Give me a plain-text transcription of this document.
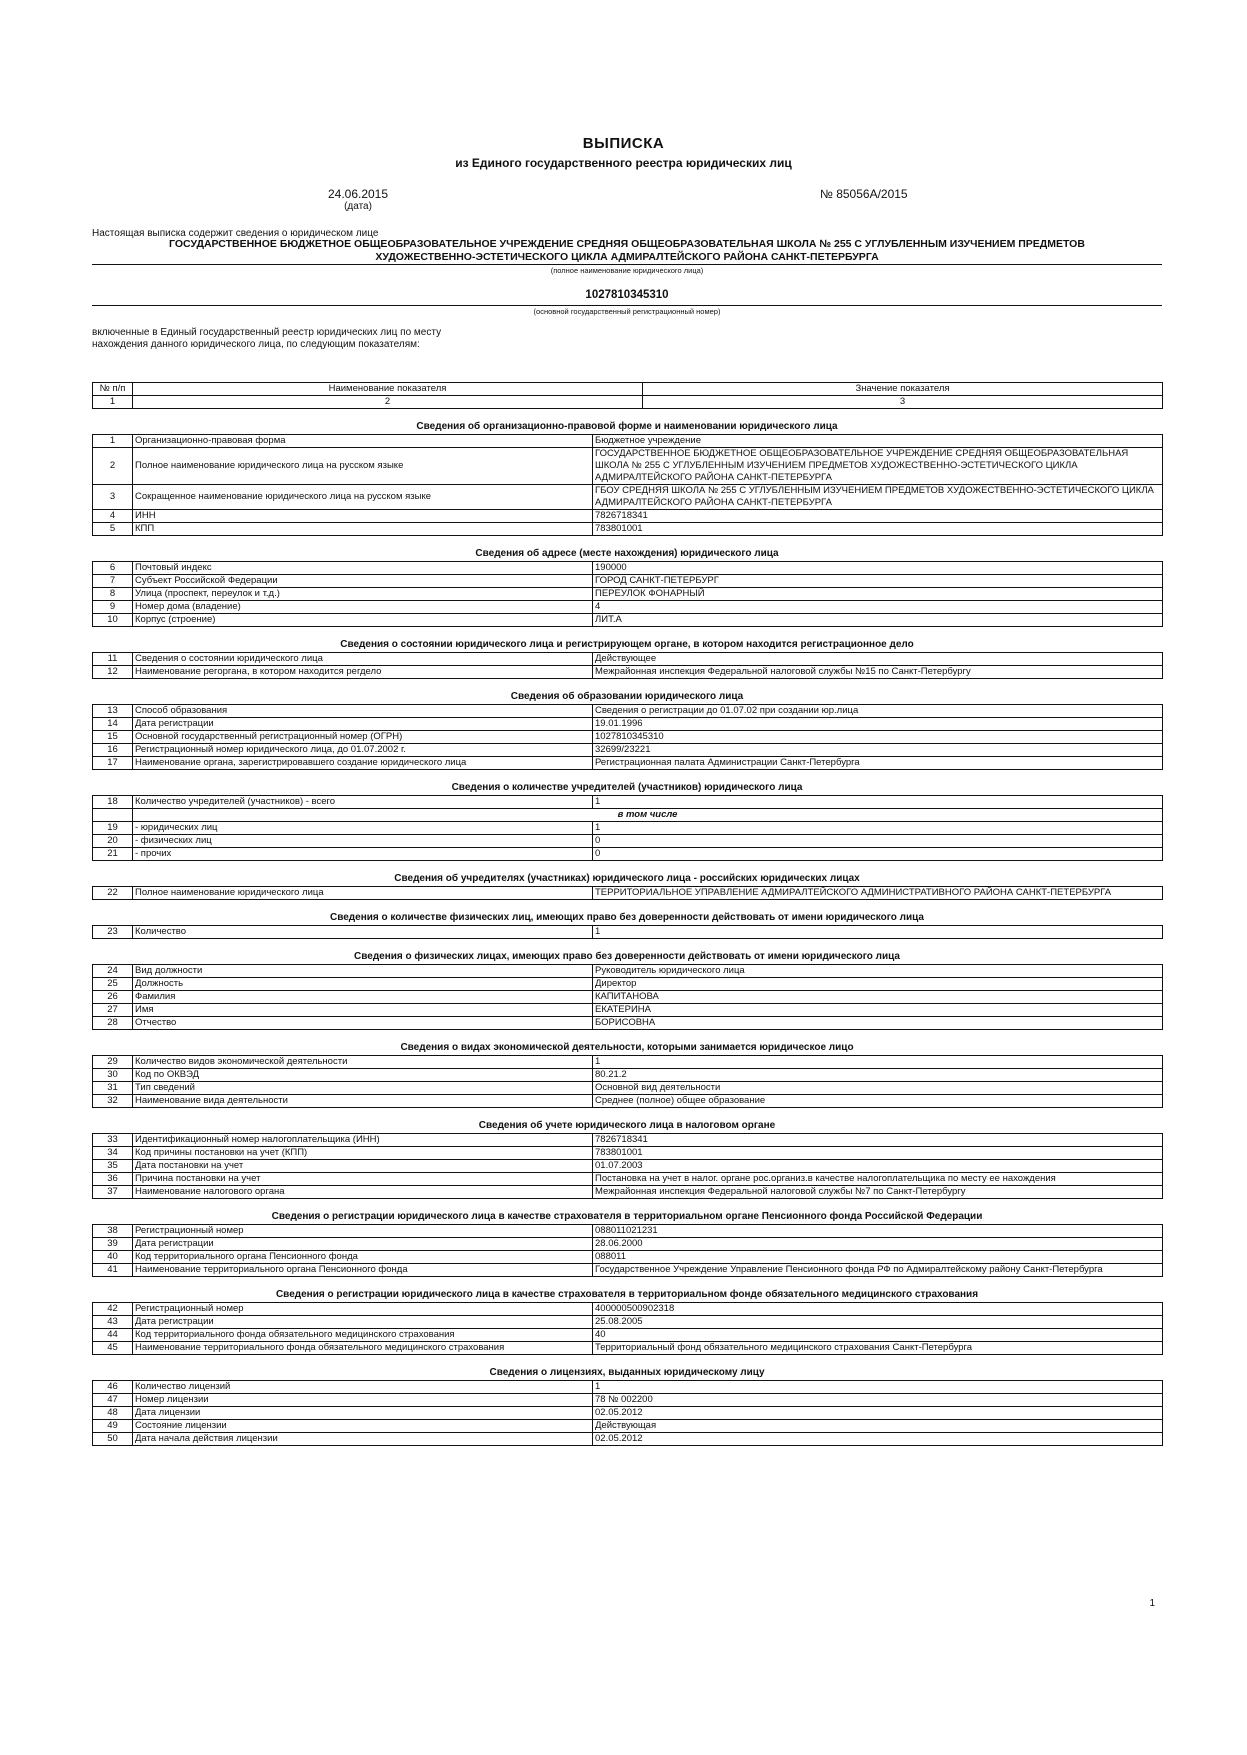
ВЫПИСКА
из Единого государственного реестра юридических лиц
24.06.2015
(дата)
№ 85056А/2015
Настоящая выписка содержит сведения о юридическом лице
ГОСУДАРСТВЕННОЕ БЮДЖЕТНОЕ ОБЩЕОБРАЗОВАТЕЛЬНОЕ УЧРЕЖДЕНИЕ СРЕДНЯЯ ОБЩЕОБРАЗОВАТЕЛЬНАЯ ШКОЛА № 255 С УГЛУБЛЕННЫМ ИЗУЧЕНИЕМ ПРЕДМЕТОВ
ХУДОЖЕСТВЕННО-ЭСТЕТИЧЕСКОГО ЦИКЛА АДМИРАЛТЕЙСКОГО РАЙОНА САНКТ-ПЕТЕРБУРГА
(полное наименование юридического лица)
1027810345310
(основной государственный регистрационный номер)
включенные в Единый государственный реестр юридических лиц по месту
нахождения данного юридического лица, по следующим показателям:
№ п/п	Наименование показателя	Значение показателя
1	2	3
Сведения об организационно-правовой форме и наименовании юридического лица
1	Организационно-правовая форма	Бюджетное учреждение
2	Полное наименование юридического лица на русском языке	ГОСУДАРСТВЕННОЕ БЮДЖЕТНОЕ ОБЩЕОБРАЗОВАТЕЛЬНОЕ УЧРЕЖДЕНИЕ СРЕДНЯЯ ОБЩЕОБРАЗОВАТЕЛЬНАЯ ШКОЛА № 255 С УГЛУБЛЕННЫМ ИЗУЧЕНИЕМ ПРЕДМЕТОВ ХУДОЖЕСТВЕННО-ЭСТЕТИЧЕСКОГО ЦИКЛА АДМИРАЛТЕЙСКОГО РАЙОНА САНКТ-ПЕТЕРБУРГА
3	Сокращенное наименование юридического лица на русском языке	ГБОУ СРЕДНЯЯ ШКОЛА № 255 С УГЛУБЛЕННЫМ ИЗУЧЕНИЕМ ПРЕДМЕТОВ ХУДОЖЕСТВЕННО-ЭСТЕТИЧЕСКОГО ЦИКЛА АДМИРАЛТЕЙСКОГО РАЙОНА САНКТ-ПЕТЕРБУРГА
4	ИНН	7826718341
5	КПП	783801001
Сведения об адресе (месте нахождения) юридического лица
6	Почтовый индекс	190000
7	Субъект Российской Федерации	ГОРОД САНКТ-ПЕТЕРБУРГ
8	Улица (проспект, переулок и т.д.)	ПЕРЕУЛОК ФОНАРНЫЙ
9	Номер дома (владение)	4
10	Корпус (строение)	ЛИТ.А
Сведения о состоянии юридического лица и регистрирующем органе, в котором находится регистрационное дело
11	Сведения о состоянии юридического лица	Действующее
12	Наименование регоргана, в котором находится регдело	Межрайонная инспекция Федеральной налоговой службы №15 по Санкт-Петербургу
Сведения об образовании юридического лица
13	Способ образования	Сведения о регистрации до 01.07.02 при создании юр.лица
14	Дата регистрации	19.01.1996
15	Основной государственный регистрационный номер (ОГРН)	1027810345310
16	Регистрационный номер юридического лица, до 01.07.2002 г.	32699/23221
17	Наименование органа, зарегистрировавшего создание юридического лица	Регистрационная палата Администрации Санкт-Петербурга
Сведения о количестве учредителей (участников) юридического лица
18	Количество учредителей (участников) - всего	1
	в том числе	
19	- юридических лиц	1
20	- физических лиц	0
21	- прочих	0
Сведения об учредителях (участниках) юридического лица - российских юридических лицах
22	Полное наименование юридического лица	ТЕРРИТОРИАЛЬНОЕ УПРАВЛЕНИЕ АДМИРАЛТЕЙСКОГО АДМИНИСТРАТИВНОГО РАЙОНА САНКТ-ПЕТЕРБУРГА
Сведения о количестве физических лиц, имеющих право без доверенности действовать от имени юридического лица
23	Количество	1
Сведения о физических лицах, имеющих право без доверенности действовать от имени юридического лица
24	Вид должности	Руководитель юридического лица
25	Должность	Директор
26	Фамилия	КАПИТАНОВА
27	Имя	ЕКАТЕРИНА
28	Отчество	БОРИСОВНА
Сведения о видах экономической деятельности, которыми занимается юридическое лицо
29	Количество видов экономической деятельности	1
30	Код по ОКВЭД	80.21.2
31	Тип сведений	Основной вид деятельности
32	Наименование вида деятельности	Среднее (полное) общее образование
Сведения об учете юридического лица в налоговом органе
33	Идентификационный номер налогоплательщика (ИНН)	7826718341
34	Код причины постановки на учет (КПП)	783801001
35	Дата постановки на учет	01.07.2003
36	Причина постановки на учет	Постановка на учет в налог. органе рос.организ.в качестве налогоплательщика по месту ее нахождения
37	Наименование налогового органа	Межрайонная инспекция Федеральной налоговой службы №7 по Санкт-Петербургу
Сведения о регистрации юридического лица в качестве страхователя в территориальном органе Пенсионного фонда Российской Федерации
38	Регистрационный номер	088011021231
39	Дата регистрации	28.06.2000
40	Код территориального органа Пенсионного фонда	088011
41	Наименование территориального органа Пенсионного фонда	Государственное Учреждение Управление Пенсионного фонда РФ по Адмиралтейскому району Санкт-Петербурга
Сведения о регистрации юридического лица в качестве страхователя в территориальном фонде обязательного медицинского страхования
42	Регистрационный номер	400000500902318
43	Дата регистрации	25.08.2005
44	Код территориального фонда обязательного медицинского страхования	40
45	Наименование территориального фонда обязательного медицинского страхования	Территориальный фонд обязательного медицинского страхования Санкт-Петербурга
Сведения о лицензиях, выданных юридическому лицу
46	Количество лицензий	1
47	Номер лицензии	78 № 002200
48	Дата лицензии	02.05.2012
49	Состояние лицензии	Действующая
50	Дата начала действия лицензии	02.05.2012
1
